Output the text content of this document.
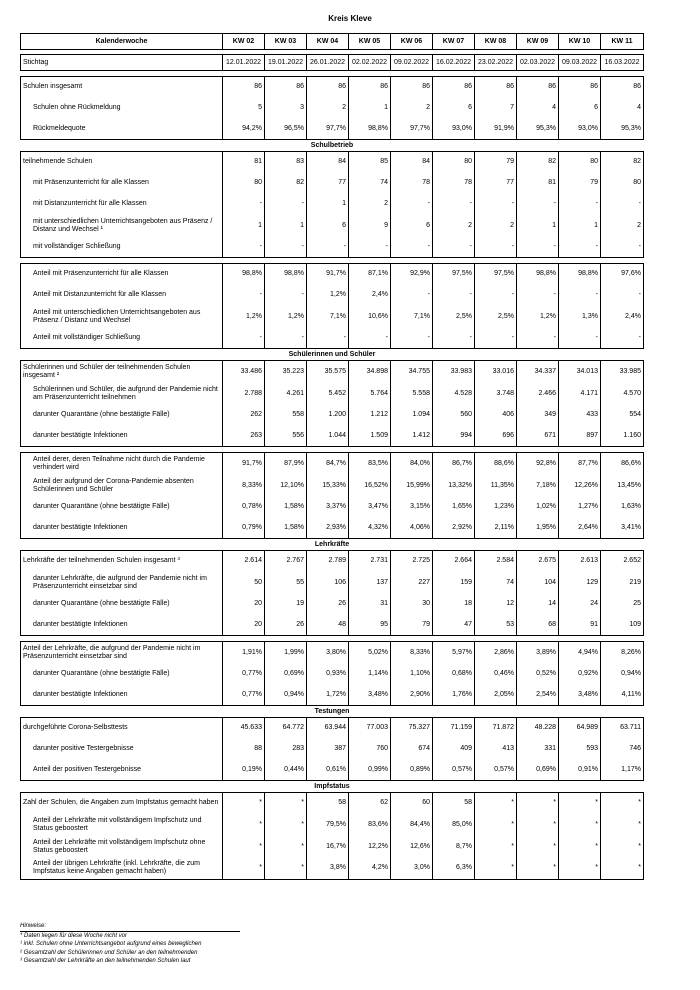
Kreis Kleve
Kalenderwoche	KW 02	KW 03	KW 04	KW 05	KW 06	KW 07	KW 08	KW 09	KW 10	KW 11

Stichtag	12.01.2022	19.01.2022	26.01.2022	02.02.2022	09.02.2022	16.02.2022	23.02.2022	02.03.2022	09.03.2022	16.03.2022

Schulen insgesamt	86	86	86	86	86	86	86	86	86	86
Schulen ohne Rückmeldung	5	3	2	1	2	6	7	4	6	4
Rückmeldequote	94,2%	96,5%	97,7%	98,8%	97,7%	93,0%	91,9%	95,3%	93,0%	95,3%
Schulbetrieb										
teilnehmende Schulen	81	83	84	85	84	80	79	82	80	82
mit Präsenzunterricht für alle Klassen	80	82	77	74	78	78	77	81	79	80
mit Distanzunterricht für alle Klassen	-	-	1	2	-	-	-	-	-	-
mit unterschiedlichen Unterrichtsangeboten aus Präsenz / Distanz und Wechsel ¹	1	1	6	9	6	2	2	1	1	2
mit vollständiger Schließung	-	-	-	-	-	-	-	-	-	-

Anteil mit Präsenzunterricht für alle Klassen	98,8%	98,8%	91,7%	87,1%	92,9%	97,5%	97,5%	98,8%	98,8%	97,6%
Anteil mit Distanzunterricht für alle Klassen	-	-	1,2%	2,4%	-	-	-	-	-	-
Anteil mit unterschiedlichen Unterrichtsangeboten aus Präsenz / Distanz und Wechsel	1,2%	1,2%	7,1%	10,6%	7,1%	2,5%	2,5%	1,2%	1,3%	2,4%
Anteil mit vollständiger Schließung	-	-	-	-	-	-	-	-	-	-
Schülerinnen und Schüler										
Schülerinnen und Schüler der teilnehmenden Schulen insgesamt ²	33.486	35.223	35.575	34.898	34.755	33.983	33.016	34.337	34.013	33.985
Schülerinnen und Schüler, die aufgrund der Pandemie nicht am Präsenzunterricht teilnehmen	2.788	4.261	5.452	5.764	5.558	4.528	3.748	2.466	4.171	4.570
darunter Quarantäne (ohne bestätigte Fälle)	262	558	1.200	1.212	1.094	560	406	349	433	554
darunter bestätigte Infektionen	263	556	1.044	1.509	1.412	994	696	671	897	1.160

Anteil derer, deren Teilnahme nicht durch die Pandemie verhindert wird	91,7%	87,9%	84,7%	83,5%	84,0%	86,7%	88,6%	92,8%	87,7%	86,6%
Anteil der aufgrund der Corona-Pandemie absenten Schülerinnen und Schüler	8,33%	12,10%	15,33%	16,52%	15,99%	13,32%	11,35%	7,18%	12,26%	13,45%
darunter Quarantäne (ohne bestätigte Fälle)	0,78%	1,58%	3,37%	3,47%	3,15%	1,65%	1,23%	1,02%	1,27%	1,63%
darunter bestätigte Infektionen	0,79%	1,58%	2,93%	4,32%	4,06%	2,92%	2,11%	1,95%	2,64%	3,41%
Lehrkräfte										
Lehrkräfte der teilnehmenden Schulen insgesamt ³	2.614	2.767	2.789	2.731	2.725	2.664	2.584	2.675	2.613	2.652
darunter Lehrkräfte, die aufgrund der Pandemie nicht im Präsenzunterricht einsetzbar sind	50	55	106	137	227	159	74	104	129	219
darunter Quarantäne (ohne bestätigte Fälle)	20	19	26	31	30	18	12	14	24	25
darunter bestätigte Infektionen	20	26	48	95	79	47	53	68	91	109

Anteil der Lehrkräfte, die aufgrund der Pandemie nicht im Präsenzunterricht einsetzbar sind	1,91%	1,99%	3,80%	5,02%	8,33%	5,97%	2,86%	3,89%	4,94%	8,26%
darunter Quarantäne (ohne bestätigte Fälle)	0,77%	0,69%	0,93%	1,14%	1,10%	0,68%	0,46%	0,52%	0,92%	0,94%
darunter bestätigte Infektionen	0,77%	0,94%	1,72%	3,48%	2,90%	1,76%	2,05%	2,54%	3,48%	4,11%
Testungen										
durchgeführte Corona-Selbsttests	45.633	64.772	63.944	77.003	75.327	71.159	71.872	48.228	64.989	63.711
darunter positive Testergebnisse	88	283	387	760	674	409	413	331	593	746
Anteil der positiven Testergebnisse	0,19%	0,44%	0,61%	0,99%	0,89%	0,57%	0,57%	0,69%	0,91%	1,17%
Impfstatus										
Zahl der Schulen, die Angaben zum Impfstatus gemacht haben	*	*	58	62	60	58	*	*	*	*
Anteil der Lehrkräfte mit vollständigem Impfschutz und Status geboostert	*	*	79,5%	83,6%	84,4%	85,0%	*	*	*	*
Anteil der Lehrkräfte mit vollständigem Impfschutz ohne Status geboostert	*	*	16,7%	12,2%	12,6%	8,7%	*	*	*	*
Anteil der übrigen Lehrkräfte (inkl. Lehrkräfte, die zum Impfstatus keine Angaben gemacht haben)	*	*	3,8%	4,2%	3,0%	6,3%	*	*	*	*
Hinweise:
* Daten liegen für diese Woche nicht vor
¹ inkl. Schulen ohne Unterrichtsangebot aufgrund eines beweglichen
² Gesamtzahl der Schülerinnen und Schüler an den teilnehmenden
³ Gesamtzahl der Lehrkräfte an den teilnehmenden Schulen laut
